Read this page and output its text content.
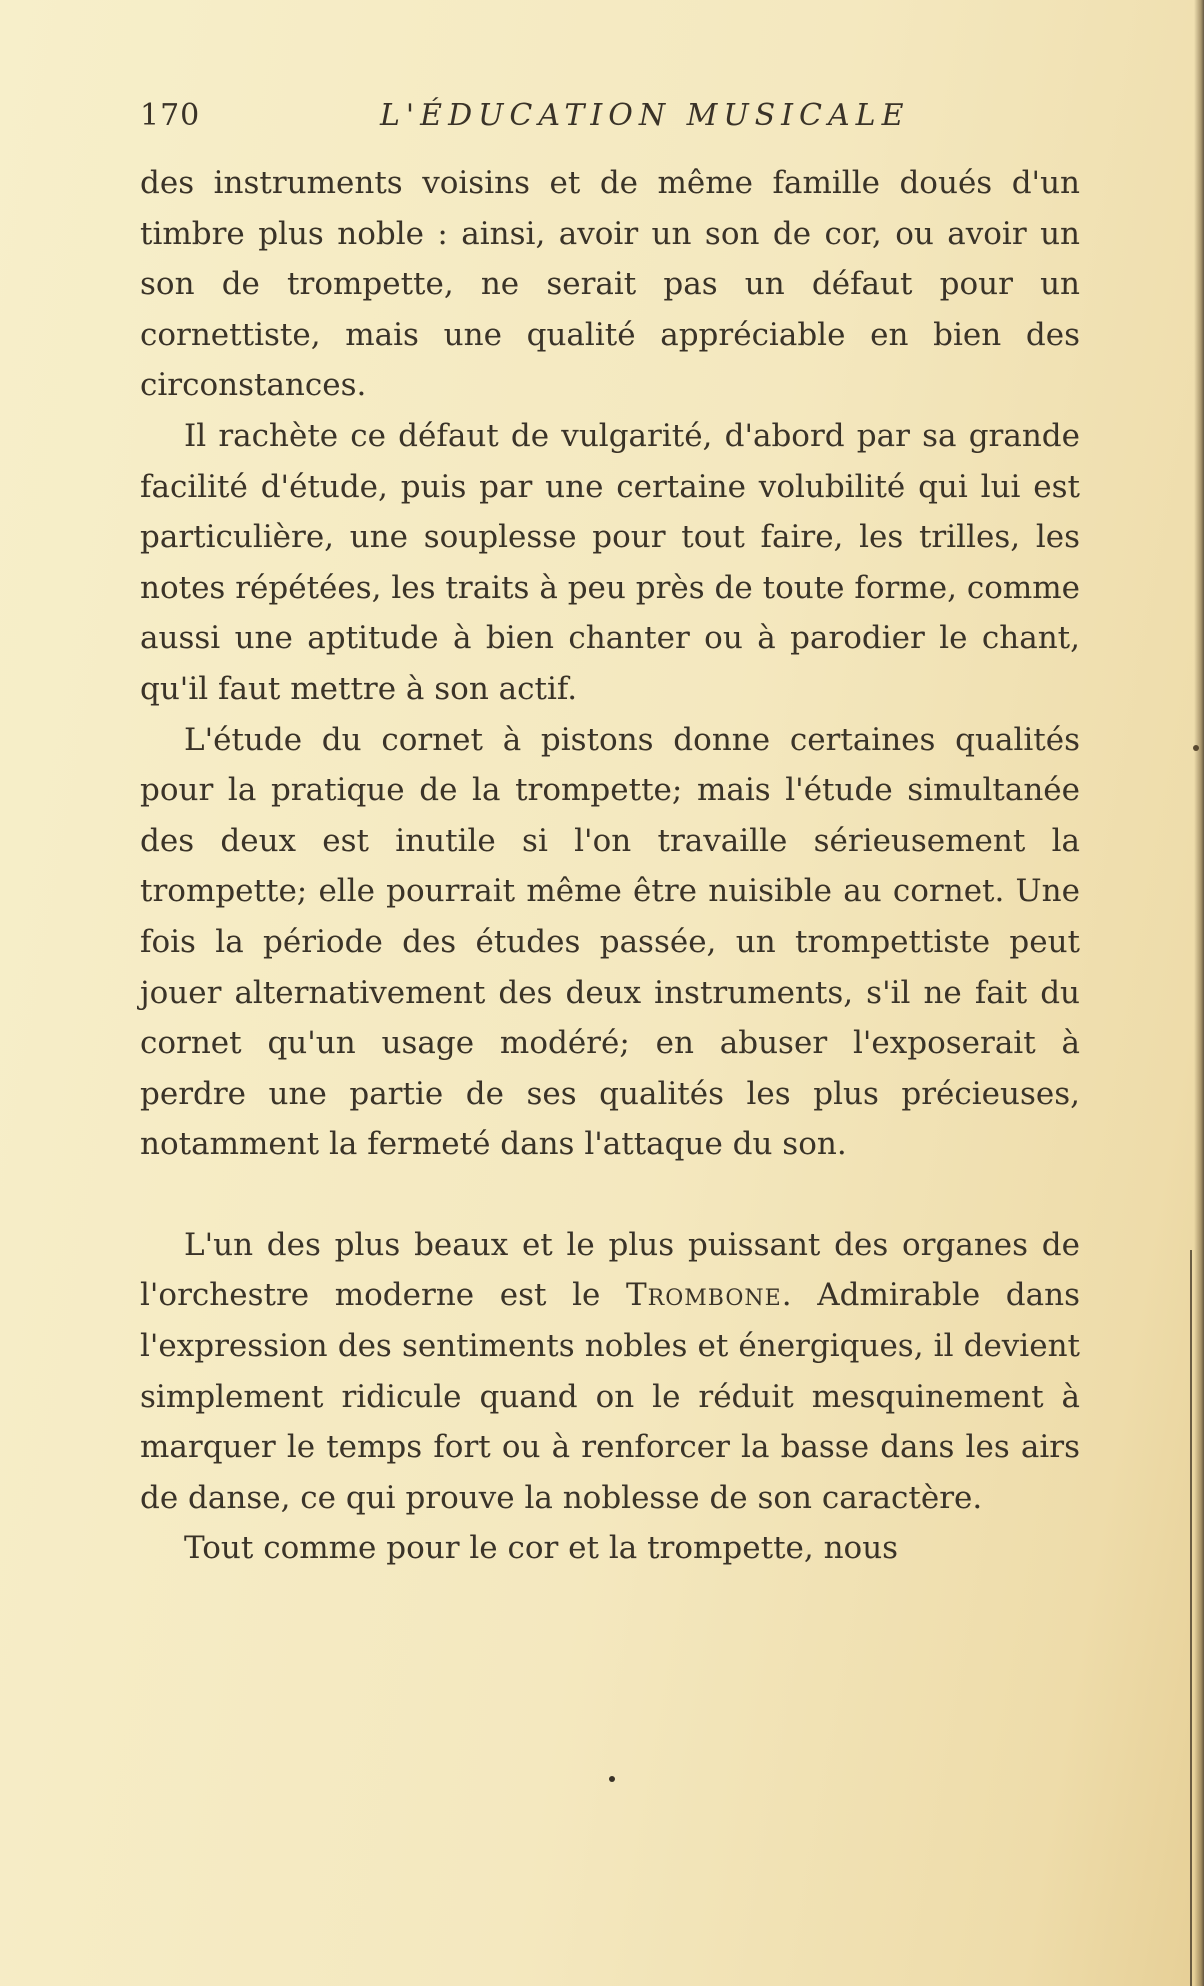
170	L'ÉDUCATION MUSICALE

des instruments voisins et de même famille doués d'un timbre plus noble : ainsi, avoir un son de cor, ou avoir un son de trompette, ne serait pas un défaut pour un cornettiste, mais une qualité appréciable en bien des circonstances.

Il rachète ce défaut de vulgarité, d'abord par sa grande facilité d'étude, puis par une certaine volubilité qui lui est particulière, une souplesse pour tout faire, les trilles, les notes répétées, les traits à peu près de toute forme, comme aussi une aptitude à bien chanter ou à parodier le chant, qu'il faut mettre à son actif.

L'étude du cornet à pistons donne certaines qualités pour la pratique de la trompette; mais l'étude simultanée des deux est inutile si l'on travaille sérieusement la trompette; elle pourrait même être nuisible au cornet. Une fois la période des études passée, un trompettiste peut jouer alternativement des deux instruments, s'il ne fait du cornet qu'un usage modéré; en abuser l'exposerait à perdre une partie de ses qualités les plus précieuses, notamment la fermeté dans l'attaque du son.

L'un des plus beaux et le plus puissant des organes de l'orchestre moderne est le Trombone. Admirable dans l'expression des sentiments nobles et énergiques, il devient simplement ridicule quand on le réduit mesquinement à marquer le temps fort ou à renforcer la basse dans les airs de danse, ce qui prouve la noblesse de son caractère.

Tout comme pour le cor et la trompette, nous
